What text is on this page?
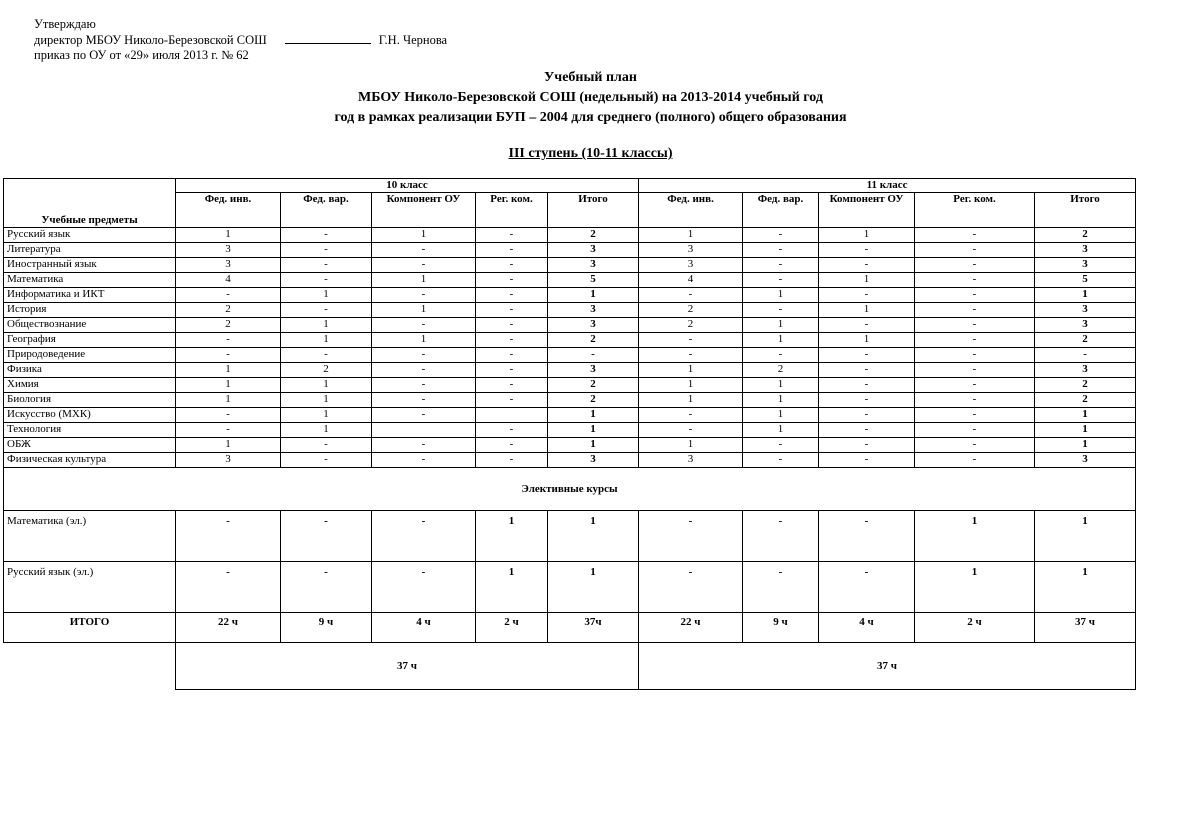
Утверждаю
директор МБОУ Николо-Березовской СОШ	Г.Н. Чернова
приказ по ОУ от «29» июля 2013 г. № 62
Учебный план
МБОУ Николо-Березовской СОШ (недельный) на 2013-2014 учебный год
год в рамках реализации БУП – 2004 для среднего (полного) общего образования
III ступень (10-11 классы)
Учебные предметы	10 класс					11 класс				
	Фед. инв.	Фед. вар.	Компонент ОУ	Рег. ком.	Итого	Фед. инв.	Фед. вар.	Компонент ОУ	Рег. ком.	Итого
Русский язык	1	-	1	-	2	1	-	1	-	2
Литература	3	-	-	-	3	3	-	-	-	3
Иностранный язык	3	-	-	-	3	3	-	-	-	3
Математика	4	-	1	-	5	4	-	1	-	5
Информатика и ИКТ	-	1	-	-	1	-	1	-	-	1
История	2	-	1	-	3	2	-	1	-	3
Обществознание	2	1	-	-	3	2	1	-	-	3
География	-	1	1	-	2	-	1	1	-	2
Природоведение	-	-	-	-	-	-	-	-	-	-
Физика	1	2	-	-	3	1	2	-	-	3
Химия	1	1	-	-	2	1	1	-	-	2
Биология	1	1	-	-	2	1	1	-	-	2
Искусство (МХК)	-	1	-		1	-	1	-	-	1
Технология	-	1		-	1	-	1	-	-	1
ОБЖ	1	-	-	-	1	1	-	-	-	1
Физическая культура	3	-	-	-	3	3	-	-	-	3
Элективные курсы										
Математика (эл.)	-	-	-	1	1	-	-	-	1	1
Русский язык (эл.)	-	-	-	1	1	-	-	-	1	1
ИТОГО	22 ч	9 ч	4 ч	2 ч	37ч	22 ч	9 ч	4 ч	2 ч	37 ч
	37 ч					37 ч				
